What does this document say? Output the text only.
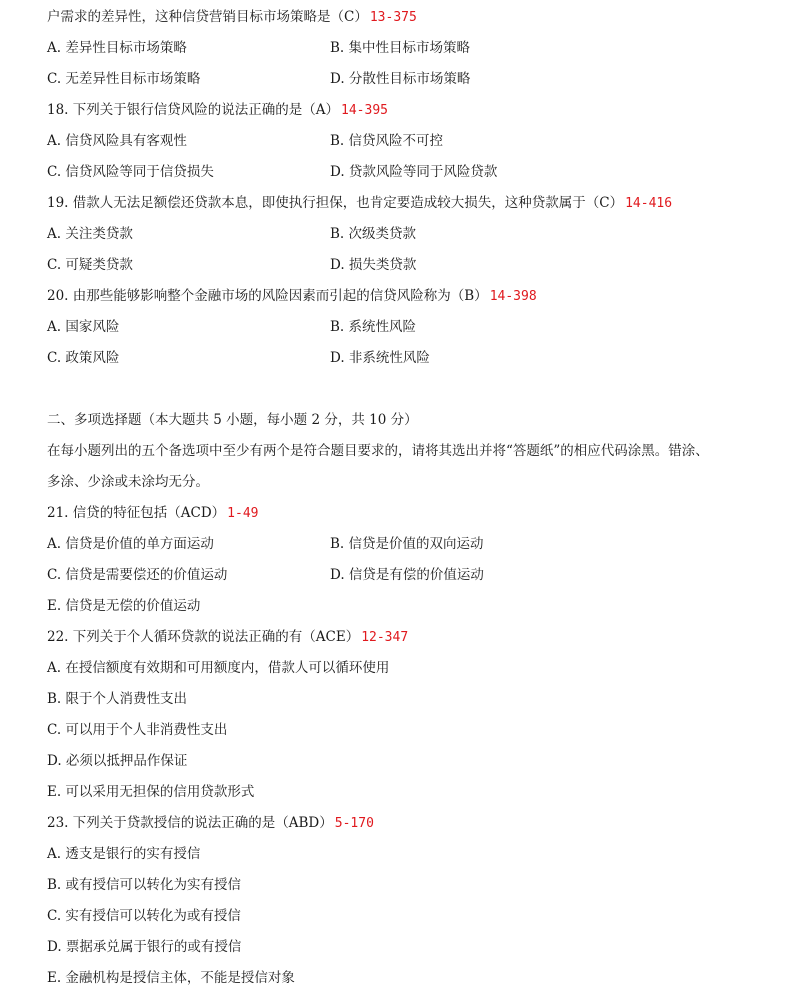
户需求的差异性，这种信贷营销目标市场策略是（C） 13-375
A. 差异性目标市场策略	B. 集中性目标市场策略
C. 无差异性目标市场策略	D. 分散性目标市场策略
18. 下列关于银行信贷风险的说法正确的是（A） 14-395
A. 信贷风险具有客观性	B. 信贷风险不可控
C. 信贷风险等同于信贷损失	D. 贷款风险等同于风险贷款
19. 借款人无法足额偿还贷款本息，即使执行担保，也肯定要造成较大损失，这种贷款属于（C） 14-416
A. 关注类贷款	B. 次级类贷款
C. 可疑类贷款	D. 损失类贷款
20. 由那些能够影响整个金融市场的风险因素而引起的信贷风险称为（B） 14-398
A. 国家风险	B. 系统性风险
C. 政策风险	D. 非系统性风险
二、多项选择题（本大题共 5 小题，每小题 2 分，共 10 分）
在每小题列出的五个备选项中至少有两个是符合题目要求的，请将其选出并将“答题纸”的相应代码涂黑。错涂、
多涂、少涂或未涂均无分。
21. 信贷的特征包括（ACD） 1-49
A. 信贷是价值的单方面运动	B. 信贷是价值的双向运动
C. 信贷是需要偿还的价值运动	D. 信贷是有偿的价值运动
E. 信贷是无偿的价值运动
22. 下列关于个人循环贷款的说法正确的有（ACE） 12-347
A. 在授信额度有效期和可用额度内，借款人可以循环使用
B. 限于个人消费性支出
C. 可以用于个人非消费性支出
D. 必须以抵押品作保证
E. 可以采用无担保的信用贷款形式
23. 下列关于贷款授信的说法正确的是（ABD） 5-170
A. 透支是银行的实有授信
B. 或有授信可以转化为实有授信
C. 实有授信可以转化为或有授信
D. 票据承兑属于银行的或有授信
E. 金融机构是授信主体，不能是授信对象
